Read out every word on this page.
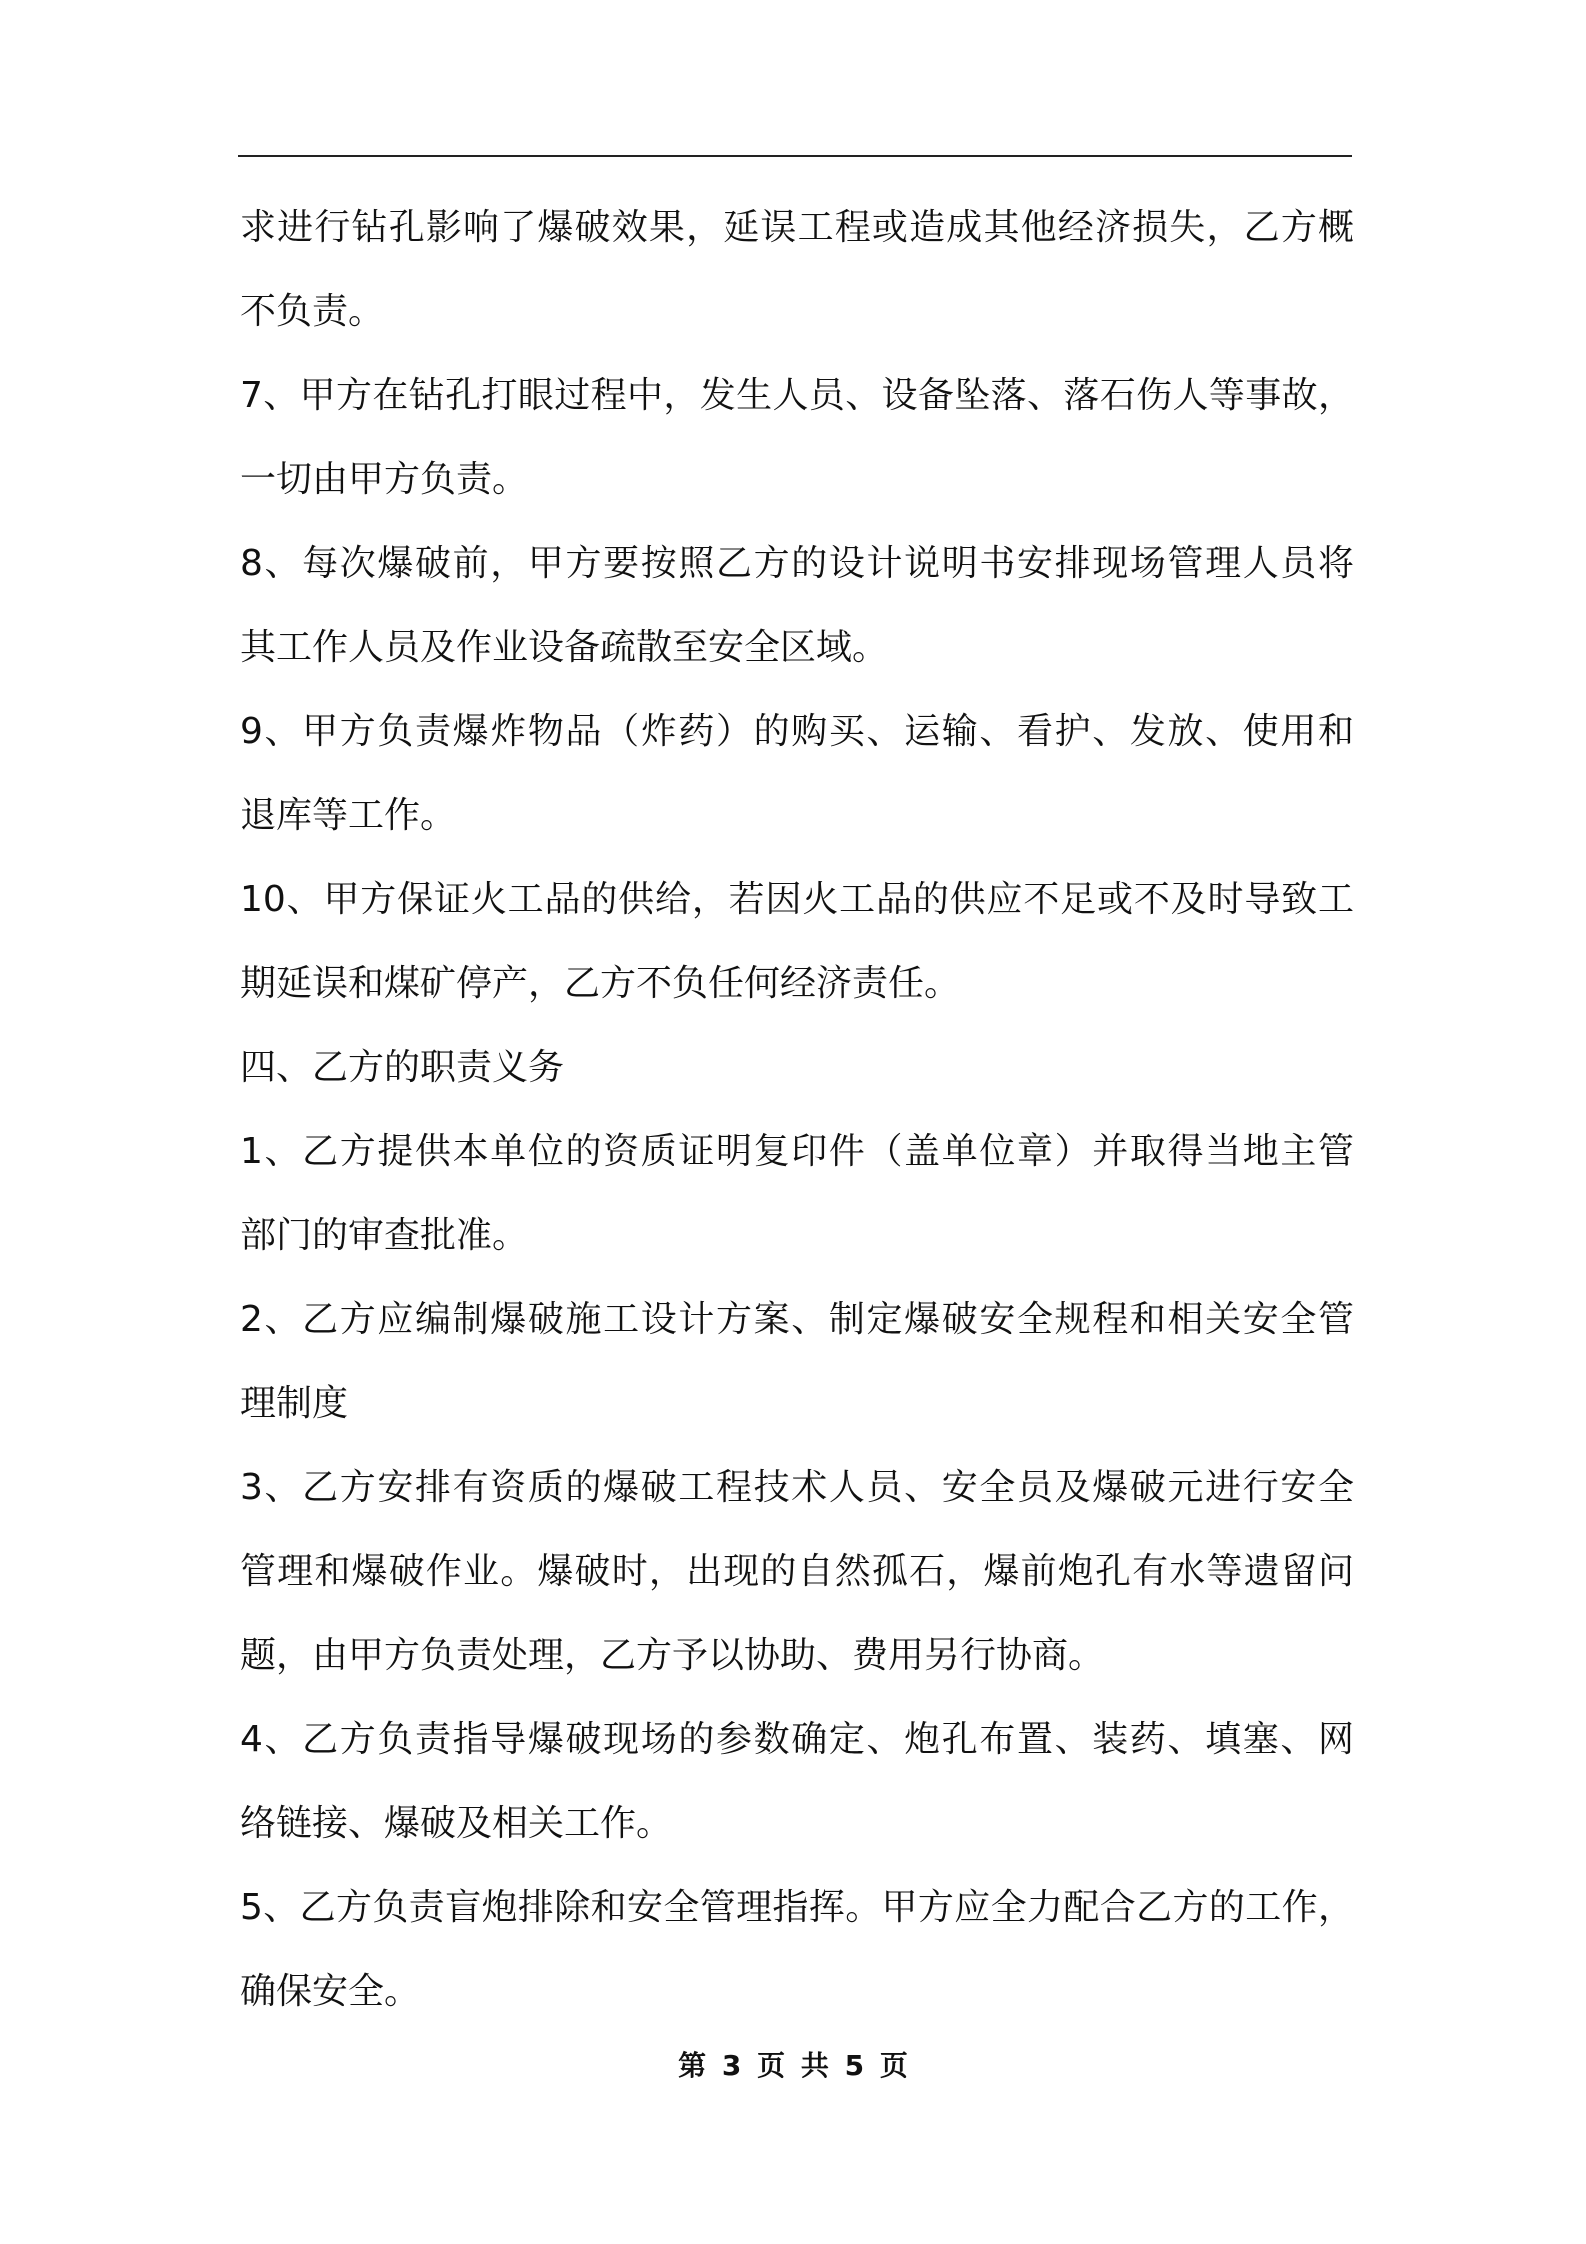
求进行钻孔影响了爆破效果，延误工程或造成其他经济损失，乙方概
不负责。
7、甲方在钻孔打眼过程中，发生人员、设备坠落、落石伤人等事故，
一切由甲方负责。
8、每次爆破前，甲方要按照乙方的设计说明书安排现场管理人员将
其工作人员及作业设备疏散至安全区域。
9、甲方负责爆炸物品（炸药）的购买、运输、看护、发放、使用和
退库等工作。
10、甲方保证火工品的供给，若因火工品的供应不足或不及时导致工
期延误和煤矿停产，乙方不负任何经济责任。
四、乙方的职责义务
1、乙方提供本单位的资质证明复印件（盖单位章）并取得当地主管
部门的审查批准。
2、乙方应编制爆破施工设计方案、制定爆破安全规程和相关安全管
理制度
3、乙方安排有资质的爆破工程技术人员、安全员及爆破元进行安全
管理和爆破作业。爆破时，出现的自然孤石，爆前炮孔有水等遗留问
题，由甲方负责处理，乙方予以协助、费用另行协商。
4、乙方负责指导爆破现场的参数确定、炮孔布置、装药、填塞、网
络链接、爆破及相关工作。
5、乙方负责盲炮排除和安全管理指挥。甲方应全力配合乙方的工作，
确保安全。
第 3 页 共 5 页
